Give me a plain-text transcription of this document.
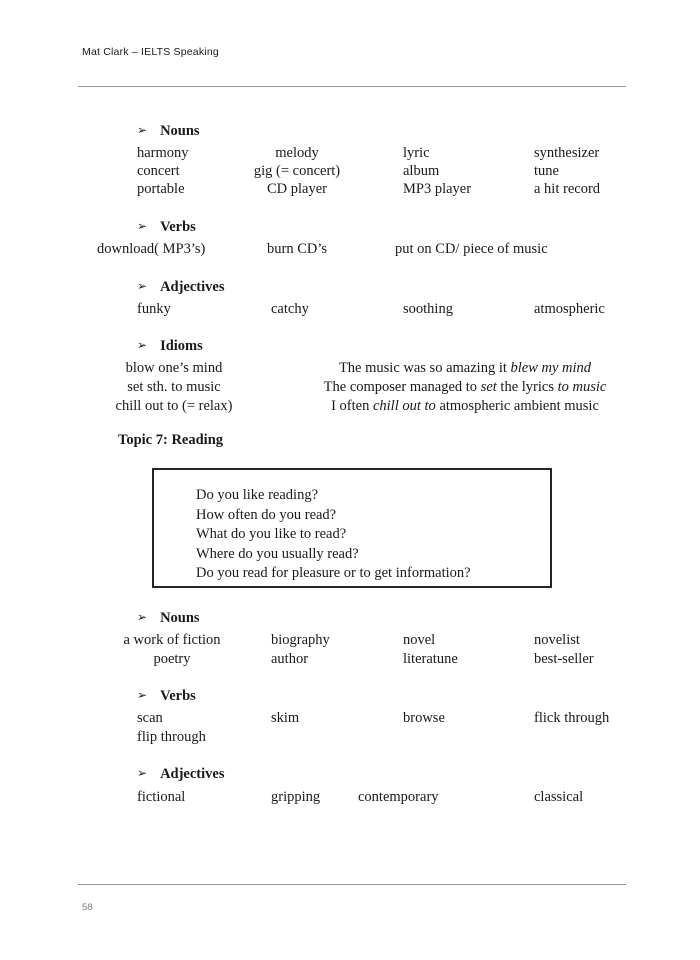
Mat Clark – IELTS Speaking
➢ Nouns
harmony	melody	lyric	synthesizer
concert	gig (= concert)	album	tune
portable	CD player	MP3 player	a hit record
➢ Verbs
download( MP3’s)	burn CD’s	put on CD/ piece of music
➢ Adjectives
funky	catchy	soothing	atmospheric
➢ Idioms
blow one’s mind	The music was so amazing it blew my mind
set sth. to music	The composer managed to set the lyrics to music
chill out to (= relax)	I often chill out to atmospheric ambient music
Topic 7: Reading
Do you like reading?
How often do you read?
What do you like to read?
Where do you usually read?
Do you read for pleasure or to get information?
➢ Nouns
a work of fiction	biography	novel	novelist
poetry	author	literatune	best-seller
➢ Verbs
scan	skim	browse	flick through
flip through
➢ Adjectives
fictional	gripping	contemporary	classical
58
